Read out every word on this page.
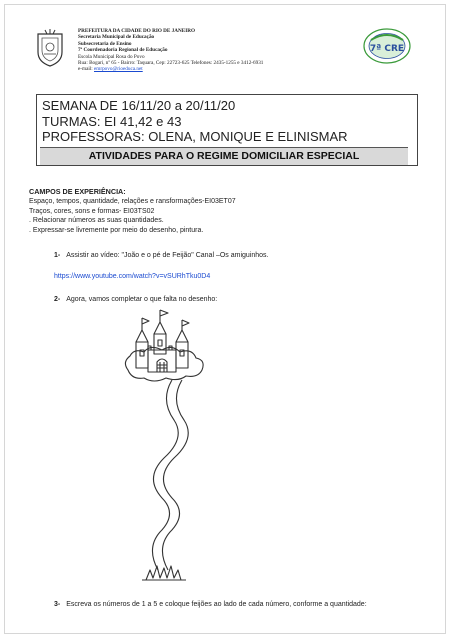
PREFEITURA DA CIDADE DO RIO DE JANEIRO
Secretaria Municipal de Educação
Subsecretaria de Ensino
7ª Coordenadoria Regional de Educação
Escola Municipal Rosa do Povo
Rua: Bogari, nº 65 - Bairro: Taquara, Cep: 22723-625 Telefones: 2435-1255 e 3412-6931
e-mail: emrpovo@rioeduca.net
7ª CRE
SEMANA DE 16/11/20 a 20/11/20
TURMAS: EI 41,42 e 43
PROFESSORAS: OLENA, MONIQUE E ELINISMAR
ATIVIDADES PARA O REGIME DOMICILIAR ESPECIAL
CAMPOS DE EXPERIÊNCIA:
Espaço, tempos, quantidade, relações e ransformações-EI03ET07
Traços, cores, sons e formas- EI03TS02
. Relacionar números as suas quantidades.
. Expressar-se livremente por meio do desenho, pintura.
1- Assistir ao vídeo: "João e o pé de Feijão" Canal –Os amiguinhos.
https://www.youtube.com/watch?v=vSURhTku0D4
2- Agora, vamos completar o que falta no desenho:
3- Escreva os números de 1 a 5 e coloque feijões ao lado de cada número, conforme a quantidade:
